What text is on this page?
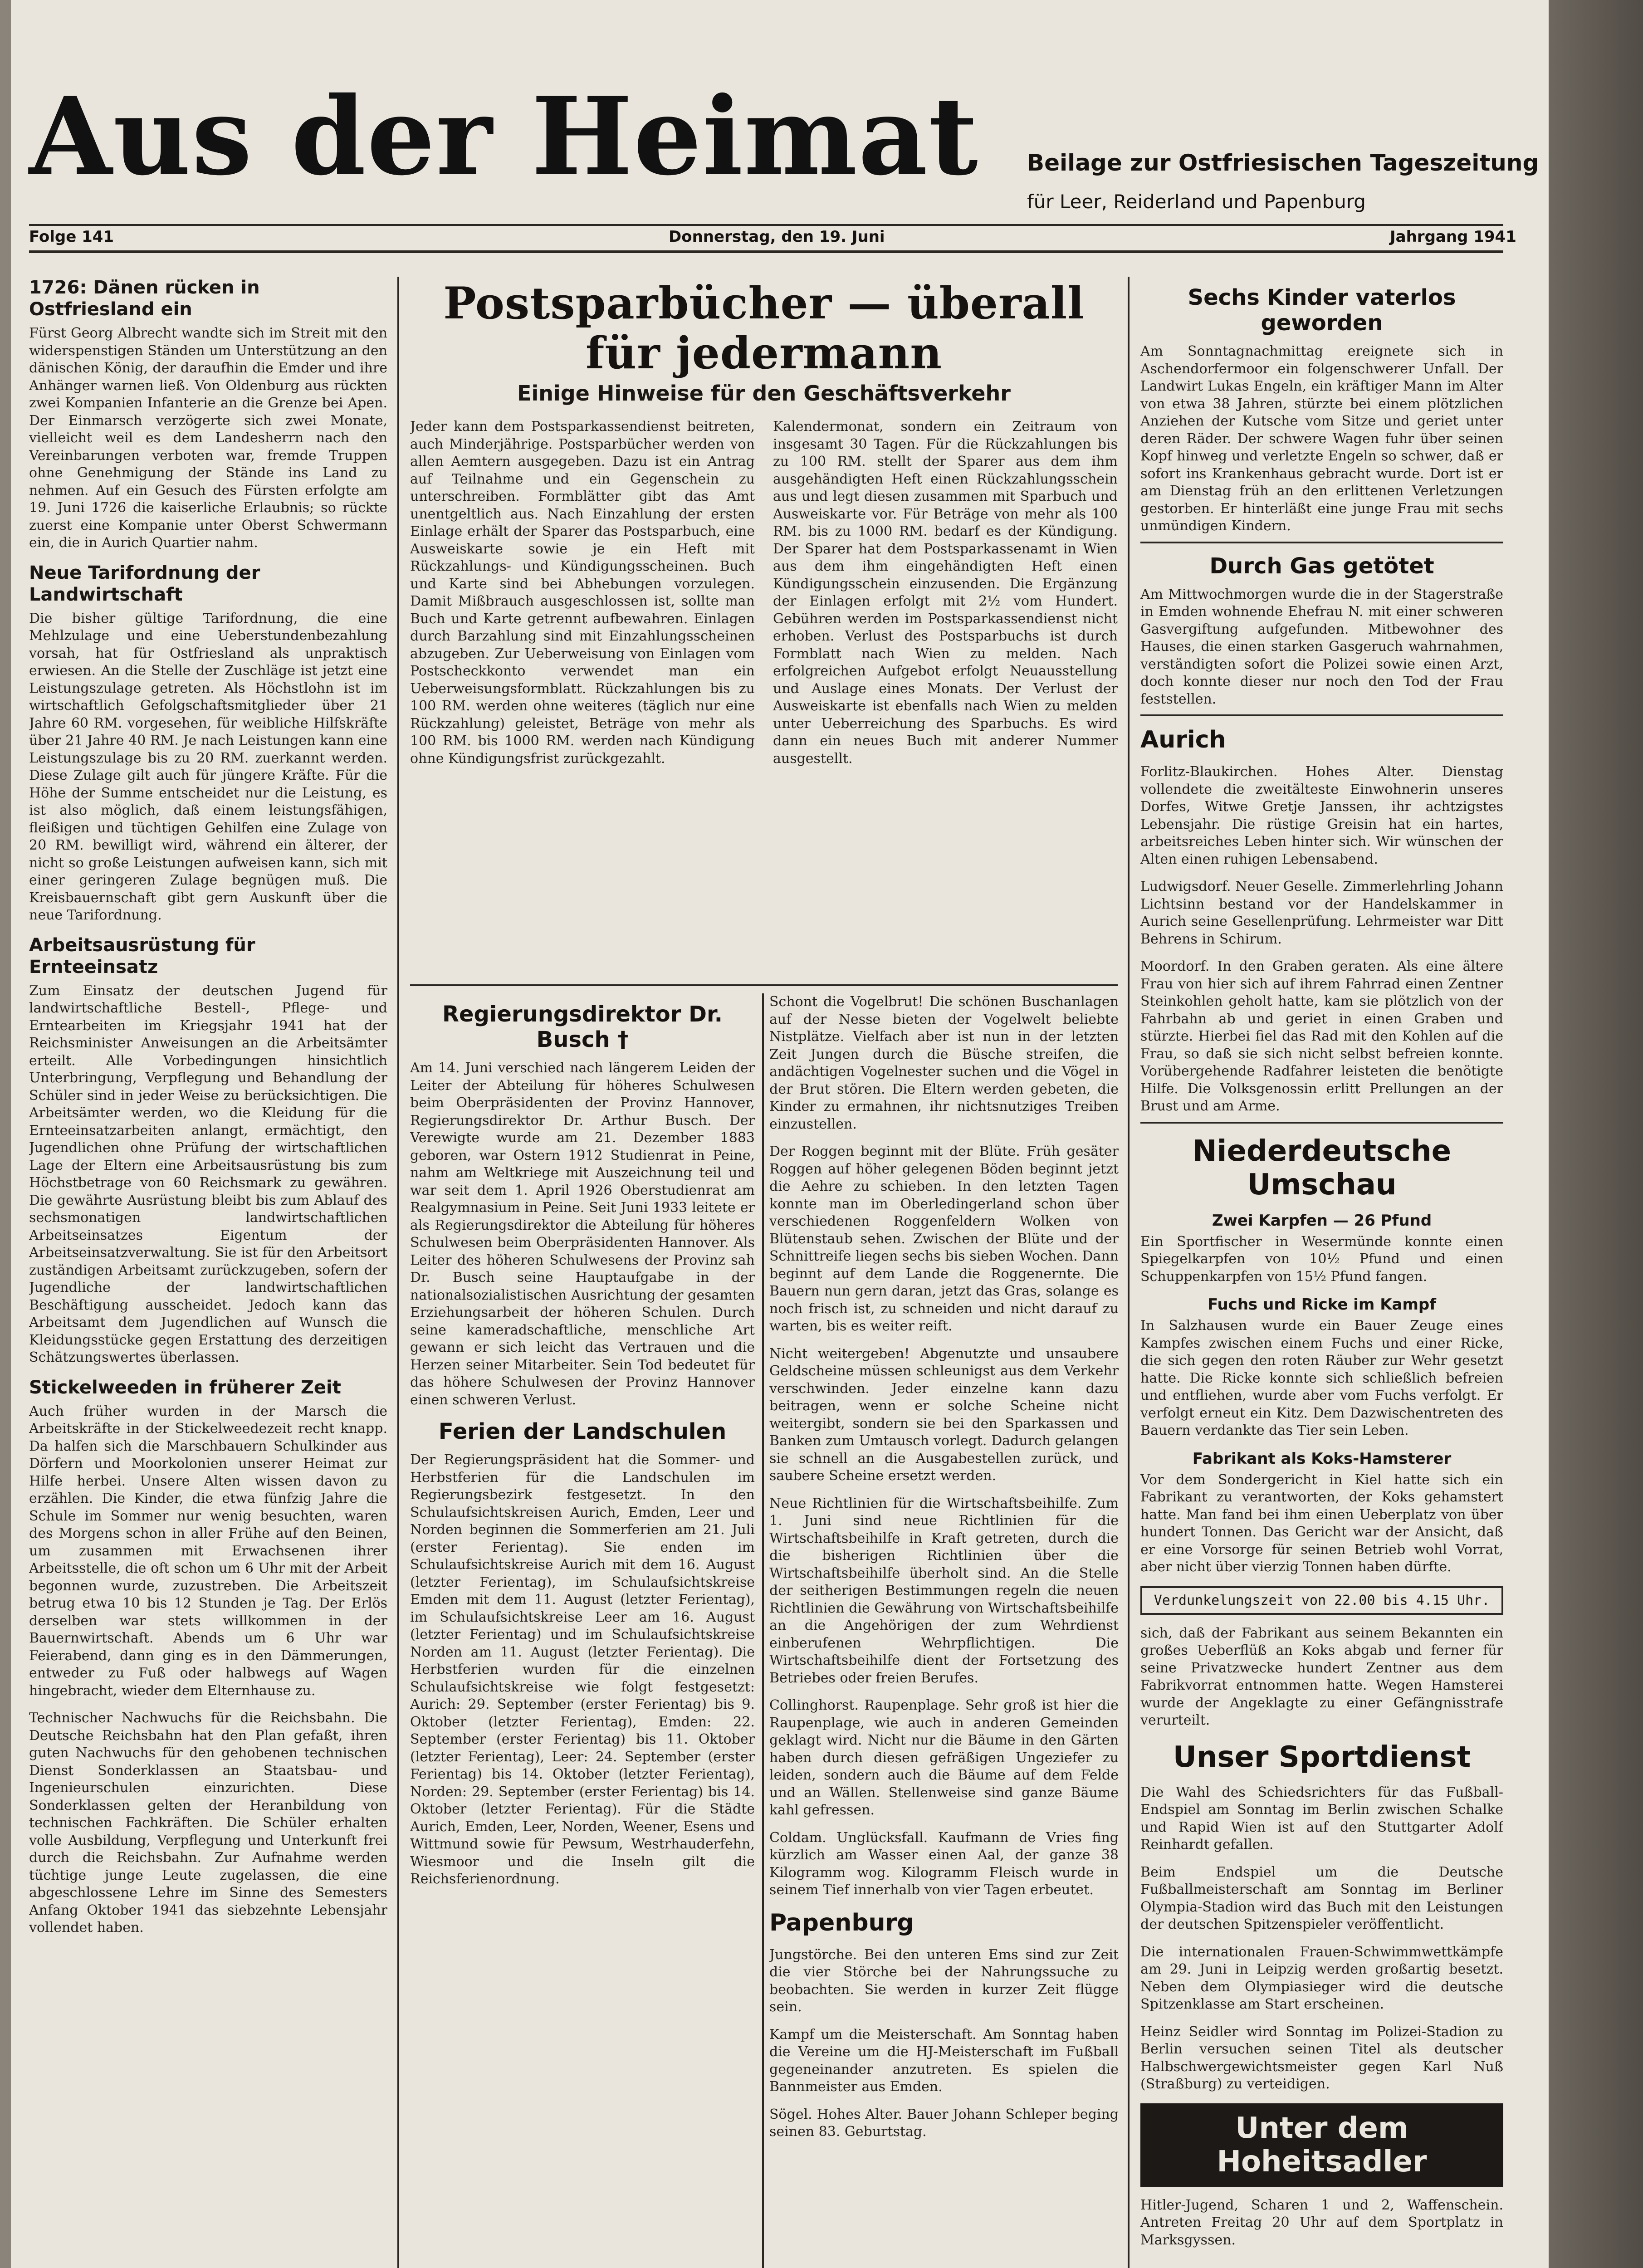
Aus der Heimat Beilage zur Ostfriesischen Tageszeitung
für Leer, Reiderland und Papenburg
Folge 141	Donnerstag, den 19. Juni	Jahrgang 1941
1726: Dänen rücken in Ostfriesland ein

Fürst Georg Albrecht wandte sich im Streit mit den widerspenstigen Ständen um Unterstützung an den dänischen König, der daraufhin die Emder und ihre Anhänger warnen ließ. Von Oldenburg aus rückten zwei Kompanien Infanterie an die Grenze bei Apen. Der Einmarsch verzögerte sich zwei Monate, vielleicht weil es dem Landesherrn nach den Vereinbarungen verboten war, fremde Truppen ohne Genehmigung der Stände ins Land zu nehmen. Auf ein Gesuch des Fürsten erfolgte am 19. Juni 1726 die kaiserliche Erlaubnis; so rückte zuerst eine Kompanie unter Oberst Schwermann ein, die in Aurich Quartier nahm.

Neue Tarifordnung der Landwirtschaft

Die bisher gültige Tarifordnung, die eine Mehlzulage und eine Ueberstundenbezahlung vorsah, hat für Ostfriesland als unpraktisch erwiesen. An die Stelle der Zuschläge ist jetzt eine Leistungszulage getreten. Als Höchstlohn ist im wirtschaftlich Gefolgschaftsmitglieder über 21 Jahre 60 RM. vorgesehen, für weibliche Hilfskräfte über 21 Jahre 40 RM. Je nach Leistungen kann eine Leistungszulage bis zu 20 RM. zuerkannt werden. Diese Zulage gilt auch für jüngere Kräfte. Für die Höhe der Summe entscheidet nur die Leistung, es ist also möglich, daß einem leistungsfähigen, fleißigen und tüchtigen Gehilfen eine Zulage von 20 RM. bewilligt wird, während ein älterer, der nicht so große Leistungen aufweisen kann, sich mit einer geringeren Zulage begnügen muß. Die Kreisbauernschaft gibt gern Auskunft über die neue Tarifordnung.

Arbeitsausrüstung für Ernteeinsatz

Zum Einsatz der deutschen Jugend für landwirtschaftliche Bestell-, Pflege- und Erntearbeiten im Kriegsjahr 1941 hat der Reichsminister Anweisungen an die Arbeitsämter erteilt. Alle Vorbedingungen hinsichtlich Unterbringung, Verpflegung und Behandlung der Schüler sind in jeder Weise zu berücksichtigen. Die Arbeitsämter werden, wo die Kleidung für die Ernteeinsatzarbeiten anlangt, ermächtigt, den Jugendlichen ohne Prüfung der wirtschaftlichen Lage der Eltern eine Arbeitsausrüstung bis zum Höchstbetrage von 60 Reichsmark zu gewähren. Die gewährte Ausrüstung bleibt bis zum Ablauf des sechsmonatigen landwirtschaftlichen Arbeitseinsatzes Eigentum der Arbeitseinsatzverwaltung. Sie ist für den Arbeitsort zuständigen Arbeitsamt zurückzugeben, sofern der Jugendliche der landwirtschaftlichen Beschäftigung ausscheidet. Jedoch kann das Arbeitsamt dem Jugendlichen auf Wunsch die Kleidungsstücke gegen Erstattung des derzeitigen Schätzungswertes überlassen.

Stickelweeden in früherer Zeit

Auch früher wurden in der Marsch die Arbeitskräfte in der Stickelweedezeit recht knapp. Da halfen sich die Marschbauern Schulkinder aus Dörfern und Moorkolonien unserer Heimat zur Hilfe herbei. Unsere Alten wissen davon zu erzählen. Die Kinder, die etwa fünfzig Jahre die Schule im Sommer nur wenig besuchten, waren des Morgens schon in aller Frühe auf den Beinen, um zusammen mit Erwachsenen ihrer Arbeitsstelle, die oft schon um 6 Uhr mit der Arbeit begonnen wurde, zuzustreben. Die Arbeitszeit betrug etwa 10 bis 12 Stunden je Tag. Der Erlös derselben war stets willkommen in der Bauernwirtschaft. Abends um 6 Uhr war Feierabend, dann ging es in den Dämmerungen, entweder zu Fuß oder halbwegs auf Wagen hingebracht, wieder dem Elternhause zu.

Technischer Nachwuchs für die Reichsbahn. Die Deutsche Reichsbahn hat den Plan gefaßt, ihren guten Nachwuchs für den gehobenen technischen Dienst Sonderklassen an Staatsbau- und Ingenieurschulen einzurichten. Diese Sonderklassen gelten der Heranbildung von technischen Fachkräften. Die Schüler erhalten volle Ausbildung, Verpflegung und Unterkunft frei durch die Reichsbahn. Zur Aufnahme werden tüchtige junge Leute zugelassen, die eine abgeschlossene Lehre im Sinne des Semesters Anfang Oktober 1941 das siebzehnte Lebensjahr vollendet haben.

Postsparbücher — überall für jedermann
Einige Hinweise für den Geschäftsverkehr

Jeder kann dem Postsparkassendienst beitreten, auch Minderjährige. Postsparbücher werden von allen Aemtern ausgegeben. Dazu ist ein Antrag auf Teilnahme und ein Gegenschein zu unterschreiben. Formblätter gibt das Amt unentgeltlich aus. Nach Einzahlung der ersten Einlage erhält der Sparer das Postsparbuch, eine Ausweiskarte sowie je ein Heft mit Rückzahlungs- und Kündigungsscheinen. Buch und Karte sind bei Abhebungen vorzulegen. Damit Mißbrauch ausgeschlossen ist, sollte man Buch und Karte getrennt aufbewahren. Einlagen durch Barzahlung sind mit Einzahlungsscheinen abzugeben. Zur Ueberweisung von Einlagen vom Postscheckkonto verwendet man ein Ueberweisungsformblatt. Rückzahlungen bis zu 100 RM. werden ohne weiteres (täglich nur eine Rückzahlung) geleistet, Beträge von mehr als 100 RM. bis 1000 RM. werden nach Kündigung ohne Kündigungsfrist zurückgezahlt.

Kalendermonat, sondern ein Zeitraum von insgesamt 30 Tagen. Für die Rückzahlungen bis zu 100 RM. stellt der Sparer aus dem ihm ausgehändigten Heft einen Rückzahlungsschein aus und legt diesen zusammen mit Sparbuch und Ausweiskarte vor. Für Beträge von mehr als 100 RM. bis zu 1000 RM. bedarf es der Kündigung. Der Sparer hat dem Postsparkassenamt in Wien aus dem ihm eingehändigten Heft einen Kündigungsschein einzusenden. Die Ergänzung der Einlagen erfolgt mit 2½ vom Hundert. Gebühren werden im Postsparkassendienst nicht erhoben. Verlust des Postsparbuchs ist durch Formblatt nach Wien zu melden. Nach erfolgreichen Aufgebot erfolgt Neuausstellung und Auslage eines Monats. Der Verlust der Ausweiskarte ist ebenfalls nach Wien zu melden unter Ueberreichung des Sparbuchs. Es wird dann ein neues Buch mit anderer Nummer ausgestellt.

Regierungsdirektor Dr. Busch †

Am 14. Juni verschied nach längerem Leiden der Leiter der Abteilung für höheres Schulwesen beim Oberpräsidenten der Provinz Hannover, Regierungsdirektor Dr. Arthur Busch. Der Verewigte wurde am 21. Dezember 1883 geboren, war Ostern 1912 Studienrat in Peine, nahm am Weltkriege mit Auszeichnung teil und war seit dem 1. April 1926 Oberstudienrat am Realgymnasium in Peine. Seit Juni 1933 leitete er als Regierungsdirektor die Abteilung für höheres Schulwesen beim Oberpräsidenten Hannover. Als Leiter des höheren Schulwesens der Provinz sah Dr. Busch seine Hauptaufgabe in der nationalsozialistischen Ausrichtung der gesamten Erziehungsarbeit der höheren Schulen. Durch seine kameradschaftliche, menschliche Art gewann er sich leicht das Vertrauen und die Herzen seiner Mitarbeiter. Sein Tod bedeutet für das höhere Schulwesen der Provinz Hannover einen schweren Verlust.

Ferien der Landschulen

Der Regierungspräsident hat die Sommer- und Herbstferien für die Landschulen im Regierungsbezirk festgesetzt. In den Schulaufsichtskreisen Aurich, Emden, Leer und Norden beginnen die Sommerferien am 21. Juli (erster Ferientag). Sie enden im Schulaufsichtskreise Aurich mit dem 16. August (letzter Ferientag), im Schulaufsichtskreise Emden mit dem 11. August (letzter Ferientag), im Schulaufsichtskreise Leer am 16. August (letzter Ferientag) und im Schulaufsichtskreise Norden am 11. August (letzter Ferientag). Die Herbstferien wurden für die einzelnen Schulaufsichtskreise wie folgt festgesetzt: Aurich: 29. September (erster Ferientag) bis 9. Oktober (letzter Ferientag), Emden: 22. September (erster Ferientag) bis 11. Oktober (letzter Ferientag), Leer: 24. September (erster Ferientag) bis 14. Oktober (letzter Ferientag), Norden: 29. September (erster Ferientag) bis 14. Oktober (letzter Ferientag). Für die Städte Aurich, Emden, Leer, Norden, Weener, Esens und Wittmund sowie für Pewsum, Westrhauderfehn, Wiesmoor und die Inseln gilt die Reichsferienordnung.

Schont die Vogelbrut! Die schönen Buschanlagen auf der Nesse bieten der Vogelwelt beliebte Nistplätze. Vielfach aber ist nun in der letzten Zeit Jungen durch die Büsche streifen, die andächtigen Vogelnester suchen und die Vögel in der Brut stören. Die Eltern werden gebeten, die Kinder zu ermahnen, ihr nichtsnutziges Treiben einzustellen.

Der Roggen beginnt mit der Blüte. Früh gesäter Roggen auf höher gelegenen Böden beginnt jetzt die Aehre zu schieben. In den letzten Tagen konnte man im Oberledingerland schon über verschiedenen Roggenfeldern Wolken von Blütenstaub sehen. Zwischen der Blüte und der Schnittreife liegen sechs bis sieben Wochen. Dann beginnt auf dem Lande die Roggenernte. Die Bauern nun gern daran, jetzt das Gras, solange es noch frisch ist, zu schneiden und nicht darauf zu warten, bis es weiter reift.

Nicht weitergeben! Abgenutzte und unsaubere Geldscheine müssen schleunigst aus dem Verkehr verschwinden. Jeder einzelne kann dazu beitragen, wenn er solche Scheine nicht weitergibt, sondern sie bei den Sparkassen und Banken zum Umtausch vorlegt. Dadurch gelangen sie schnell an die Ausgabestellen zurück, und saubere Scheine ersetzt werden.

Neue Richtlinien für die Wirtschaftsbeihilfe. Zum 1. Juni sind neue Richtlinien für die Wirtschaftsbeihilfe in Kraft getreten, durch die die bisherigen Richtlinien über die Wirtschaftsbeihilfe überholt sind. An die Stelle der seitherigen Bestimmungen regeln die neuen Richtlinien die Gewährung von Wirtschaftsbeihilfe an die Angehörigen der zum Wehrdienst einberufenen Wehrpflichtigen. Die Wirtschaftsbeihilfe dient der Fortsetzung des Betriebes oder freien Berufes.

Collinghorst. Raupenplage. Sehr groß ist hier die Raupenplage, wie auch in anderen Gemeinden geklagt wird. Nicht nur die Bäume in den Gärten haben durch diesen gefräßigen Ungeziefer zu leiden, sondern auch die Bäume auf dem Felde und an Wällen. Stellenweise sind ganze Bäume kahl gefressen.

Coldam. Unglücksfall. Kaufmann de Vries fing kürzlich am Wasser einen Aal, der ganze 38 Kilogramm wog. Kilogramm Fleisch wurde in seinem Tief innerhalb von vier Tagen erbeutet.

Papenburg

Jungstörche. Bei den unteren Ems sind zur Zeit die vier Störche bei der Nahrungssuche zu beobachten. Sie werden in kurzer Zeit flügge sein.

Kampf um die Meisterschaft. Am Sonntag haben die Vereine um die HJ-Meisterschaft im Fußball gegeneinander anzutreten. Es spielen die Bannmeister aus Emden.

Sögel. Hohes Alter. Bauer Johann Schleper beging seinen 83. Geburtstag.

Sechs Kinder vaterlos geworden

Am Sonntagnachmittag ereignete sich in Aschendorfermoor ein folgenschwerer Unfall. Der Landwirt Lukas Engeln, ein kräftiger Mann im Alter von etwa 38 Jahren, stürzte bei einem plötzlichen Anziehen der Kutsche vom Sitze und geriet unter deren Räder. Der schwere Wagen fuhr über seinen Kopf hinweg und verletzte Engeln so schwer, daß er sofort ins Krankenhaus gebracht wurde. Dort ist er am Dienstag früh an den erlittenen Verletzungen gestorben. Er hinterläßt eine junge Frau mit sechs unmündigen Kindern.

Durch Gas getötet

Am Mittwochmorgen wurde die in der Stagerstraße in Emden wohnende Ehefrau N. mit einer schweren Gasvergiftung aufgefunden. Mitbewohner des Hauses, die einen starken Gasgeruch wahrnahmen, verständigten sofort die Polizei sowie einen Arzt, doch konnte dieser nur noch den Tod der Frau feststellen.

Aurich

Forlitz-Blaukirchen. Hohes Alter. Dienstag vollendete die zweitälteste Einwohnerin unseres Dorfes, Witwe Gretje Janssen, ihr achtzigstes Lebensjahr. Die rüstige Greisin hat ein hartes, arbeitsreiches Leben hinter sich. Wir wünschen der Alten einen ruhigen Lebensabend.

Ludwigsdorf. Neuer Geselle. Zimmerlehrling Johann Lichtsinn bestand vor der Handelskammer in Aurich seine Gesellenprüfung. Lehrmeister war Ditt Behrens in Schirum.

Moordorf. In den Graben geraten. Als eine ältere Frau von hier sich auf ihrem Fahrrad einen Zentner Steinkohlen geholt hatte, kam sie plötzlich von der Fahrbahn ab und geriet in einen Graben und stürzte. Hierbei fiel das Rad mit den Kohlen auf die Frau, so daß sie sich nicht selbst befreien konnte. Vorübergehende Radfahrer leisteten die benötigte Hilfe. Die Volksgenossin erlitt Prellungen an der Brust und am Arme.

Niederdeutsche Umschau
Zwei Karpfen — 26 Pfund

Ein Sportfischer in Wesermünde konnte einen Spiegelkarpfen von 10½ Pfund und einen Schuppenkarpfen von 15½ Pfund fangen.

Fuchs und Ricke im Kampf

In Salzhausen wurde ein Bauer Zeuge eines Kampfes zwischen einem Fuchs und einer Ricke, die sich gegen den roten Räuber zur Wehr gesetzt hatte. Die Ricke konnte sich schließlich befreien und entfliehen, wurde aber vom Fuchs verfolgt. Er verfolgt erneut ein Kitz. Dem Dazwischentreten des Bauern verdankte das Tier sein Leben.

Fabrikant als Koks-Hamsterer

Vor dem Sondergericht in Kiel hatte sich ein Fabrikant zu verantworten, der Koks gehamstert hatte. Man fand bei ihm einen Ueberplatz von über hundert Tonnen. Das Gericht war der Ansicht, daß er eine Vorsorge für seinen Betrieb wohl Vorrat, aber nicht über vierzig Tonnen haben dürfte.

Verdunkelungszeit von 22.00 bis 4.15 Uhr.

sich, daß der Fabrikant aus seinem Bekannten ein großes Ueberflüß an Koks abgab und ferner für seine Privatzwecke hundert Zentner aus dem Fabrikvorrat entnommen hatte. Wegen Hamsterei wurde der Angeklagte zu einer Gefängnisstrafe verurteilt.

Unser Sportdienst

Die Wahl des Schiedsrichters für das Fußball-Endspiel am Sonntag im Berlin zwischen Schalke und Rapid Wien ist auf den Stuttgarter Adolf Reinhardt gefallen.

Beim Endspiel um die Deutsche Fußballmeisterschaft am Sonntag im Berliner Olympia-Stadion wird das Buch mit den Leistungen der deutschen Spitzenspieler veröffentlicht.

Die internationalen Frauen-Schwimmwettkämpfe am 29. Juni in Leipzig werden großartig besetzt. Neben dem Olympiasieger wird die deutsche Spitzenklasse am Start erscheinen.

Heinz Seidler wird Sonntag im Polizei-Stadion zu Berlin versuchen seinen Titel als deutscher Halbschwergewichtsmeister gegen Karl Nuß (Straßburg) zu verteidigen.

Unter dem Hoheitsadler

Hitler-Jugend, Scharen 1 und 2, Waffenschein. Antreten Freitag 20 Uhr auf dem Sportplatz in Marksgyssen.
